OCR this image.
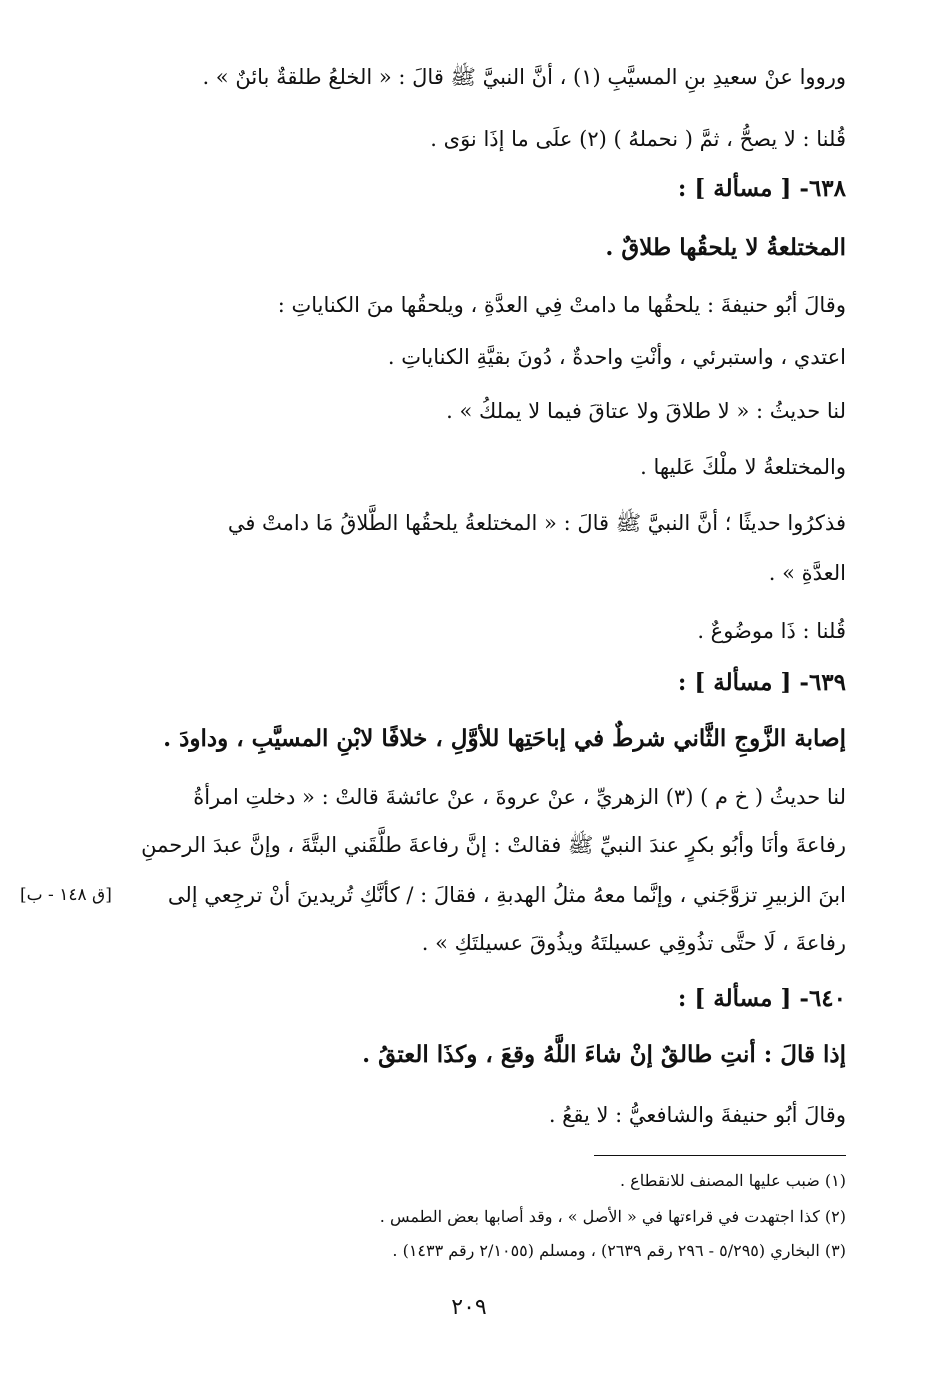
ورووا عنْ سعيدِ بنِ المسيَّبِ (١) ، أنَّ النبيَّ ﷺ قالَ : « الخلعُ طلقةٌ بائنٌ » .
قُلنا : لا يصحُّ ، ثمَّ ( نحملهُ ) (٢) علَى ما إذَا نوَى .
٦٣٨- [ مسألة ] :
المختلعةُ لا يلحقُها طلاقٌ .
وقالَ أبُو حنيفةَ : يلحقُها ما دامتْ فِي العدَّةِ ، ويلحقُها منَ الكناياتِ :
اعتدي ، واستبرئي ، وأنْتِ واحدةٌ ، دُونَ بقيَّةِ الكناياتِ .
لنا حديثُ : « لا طلاقَ ولا عتاقَ فيما لا يملكُ » .
والمختلعةُ لا ملْكَ عَليها .
فذكرُوا حديثًا ؛ أنَّ النبيَّ ﷺ قالَ : « المختلعةُ يلحقُها الطَّلاقُ مَا دامتْ في
العدَّةِ » .
قُلنا : ذَا موضُوعٌ .
٦٣٩- [ مسألة ] :
إصابة الزَّوجِ الثَّاني شرطٌ في إباحَتِها للأوَّلِ ، خلافًا لابْنِ المسيَّبِ ، وداودَ .
لنا حديثُ ( خ م ) (٣) الزهريِّ ، عنْ عروةَ ، عنْ عائشةَ قالتْ : « دخلتِ امرأةُ
رفاعةَ وأنَا وأبُو بكرٍ عندَ النبيِّ ﷺ فقالتْ : إنَّ رفاعةَ طلَّقَني البتَّةَ ، وإنَّ عبدَ الرحمنِ
ابنَ الزبيرِ تزوَّجَني ، وإنَّما معهُ مثلُ الهدبةِ ، فقالَ : / كأنَّكِ تُريدينَ أنْ ترجِعي إلى
رفاعةَ ، لَا حتَّى تذُوقِي عسيلتَهُ ويذُوقَ عسيلتَكِ » .
٦٤٠- [ مسألة ] :
إذا قالَ : أنتِ طالقٌ إنْ شاءَ اللَّهُ وقعَ ، وكذَا العتقُ .
وقالَ أبُو حنيفةَ والشافعيُّ : لا يقعُ .
[ق ١٤٨ - ب]
(١) ضبب عليها المصنف للانقطاع .
(٢) كذا اجتهدت في قراءتها في « الأصل » ، وقد أصابها بعض الطمس .
(٣) البخاري (٥/٢٩٥ - ٢٩٦ رقم ٢٦٣٩) ، ومسلم (٢/١٠٥٥ رقم ١٤٣٣) .
٢٠٩
